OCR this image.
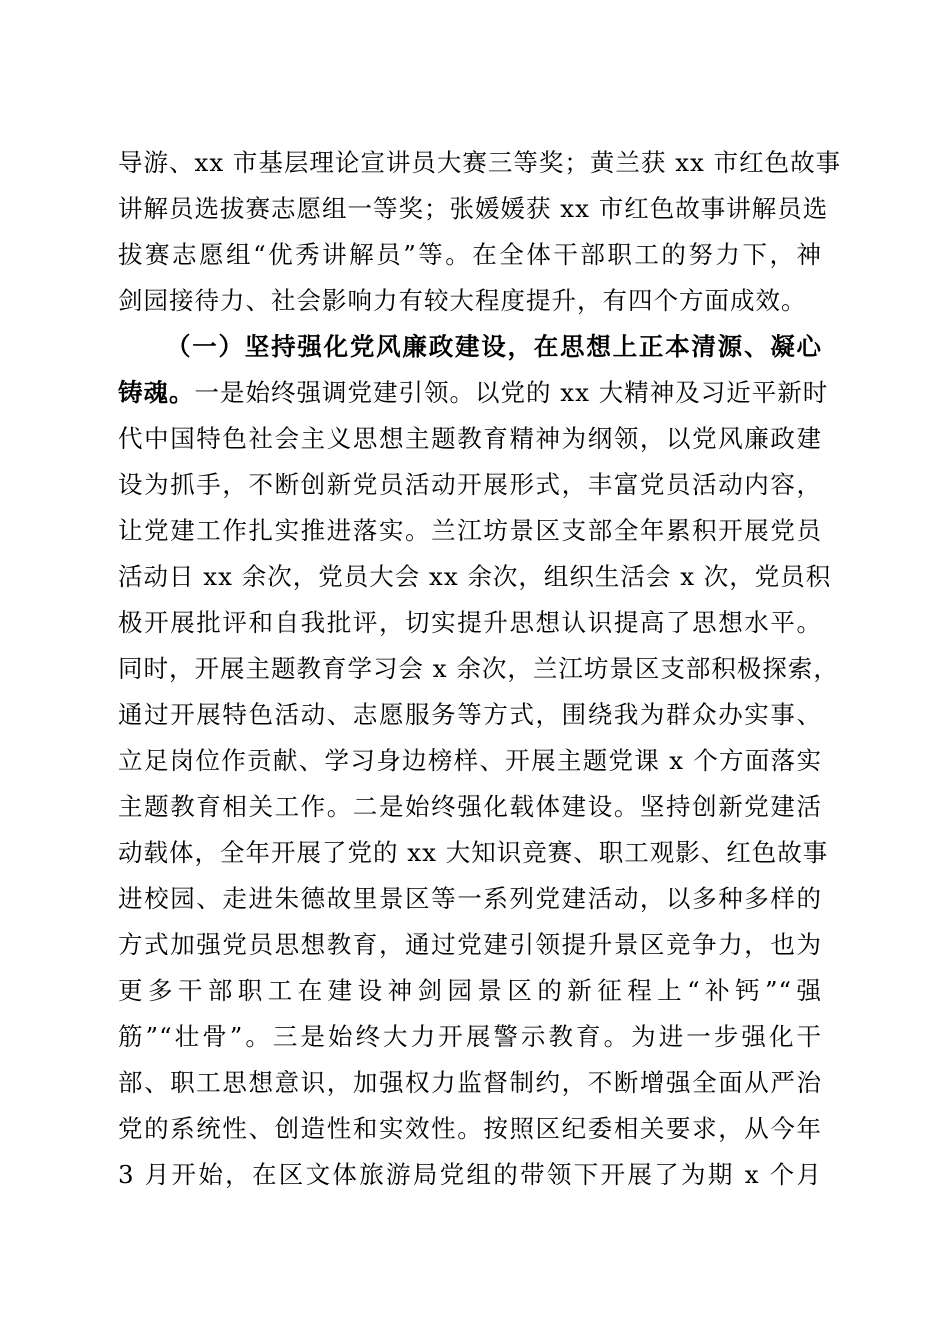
导游、xx 市基层理论宣讲员大赛三等奖；黄兰获 xx 市红色故事
讲解员选拔赛志愿组一等奖；张媛媛获 xx 市红色故事讲解员选
拔赛志愿组“优秀讲解员”等。在全体干部职工的努力下，神
剑园接待力、社会影响力有较大程度提升，有四个方面成效。
（一）坚持强化党风廉政建设，在思想上正本清源、凝心
铸魂。一是始终强调党建引领。以党的 xx 大精神及习近平新时
代中国特色社会主义思想主题教育精神为纲领，以党风廉政建
设为抓手，不断创新党员活动开展形式，丰富党员活动内容，
让党建工作扎实推进落实。兰江坊景区支部全年累积开展党员
活动日 xx 余次，党员大会 xx 余次，组织生活会 x 次，党员积
极开展批评和自我批评，切实提升思想认识提高了思想水平。
同时，开展主题教育学习会 x 余次，兰江坊景区支部积极探索，
通过开展特色活动、志愿服务等方式，围绕我为群众办实事、
立足岗位作贡献、学习身边榜样、开展主题党课 x 个方面落实
主题教育相关工作。二是始终强化载体建设。坚持创新党建活
动载体，全年开展了党的 xx 大知识竞赛、职工观影、红色故事
进校园、走进朱德故里景区等一系列党建活动，以多种多样的
方式加强党员思想教育，通过党建引领提升景区竞争力，也为
更多干部职工在建设神剑园景区的新征程上“补钙”“强
筋”“壮骨”。三是始终大力开展警示教育。为进一步强化干
部、职工思想意识，加强权力监督制约，不断增强全面从严治
党的系统性、创造性和实效性。按照区纪委相关要求，从今年
3 月开始，在区文体旅游局党组的带领下开展了为期 x 个月
